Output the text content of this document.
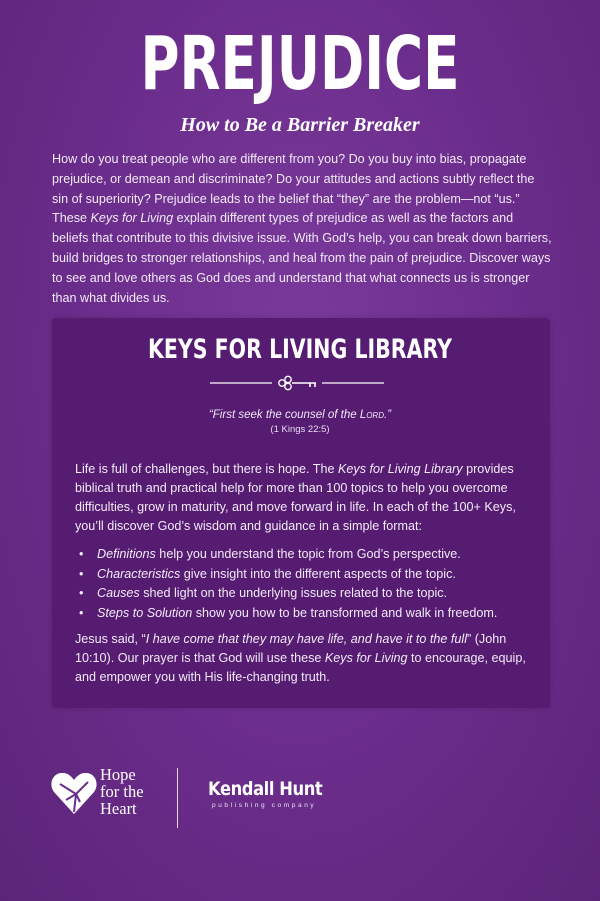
PREJUDICE
How to Be a Barrier Breaker
How do you treat people who are different from you? Do you buy into bias, propagate prejudice, or demean and discriminate? Do your attitudes and actions subtly reflect the sin of superiority? Prejudice leads to the belief that “they” are the problem—not “us.” These Keys for Living explain different types of prejudice as well as the factors and beliefs that contribute to this divisive issue. With God’s help, you can break down barriers, build bridges to stronger relationships, and heal from the pain of prejudice. Discover ways to see and love others as God does and understand that what connects us is stronger than what divides us.
KEYS FOR LIVING LIBRARY
“First seek the counsel of the Lord.”
(1 Kings 22:5)
Life is full of challenges, but there is hope. The Keys for Living Library provides biblical truth and practical help for more than 100 topics to help you overcome difficulties, grow in maturity, and move forward in life. In each of the 100+ Keys, you’ll discover God’s wisdom and guidance in a simple format:
• Definitions help you understand the topic from God’s perspective.
• Characteristics give insight into the different aspects of the topic.
• Causes shed light on the underlying issues related to the topic.
• Steps to Solution show you how to be transformed and walk in freedom.
Jesus said, “I have come that they may have life, and have it to the full” (John 10:10). Our prayer is that God will use these Keys for Living to encourage, equip, and empower you with His life-changing truth.
Hope
for the
Heart
Kendall Hunt
publishing company
